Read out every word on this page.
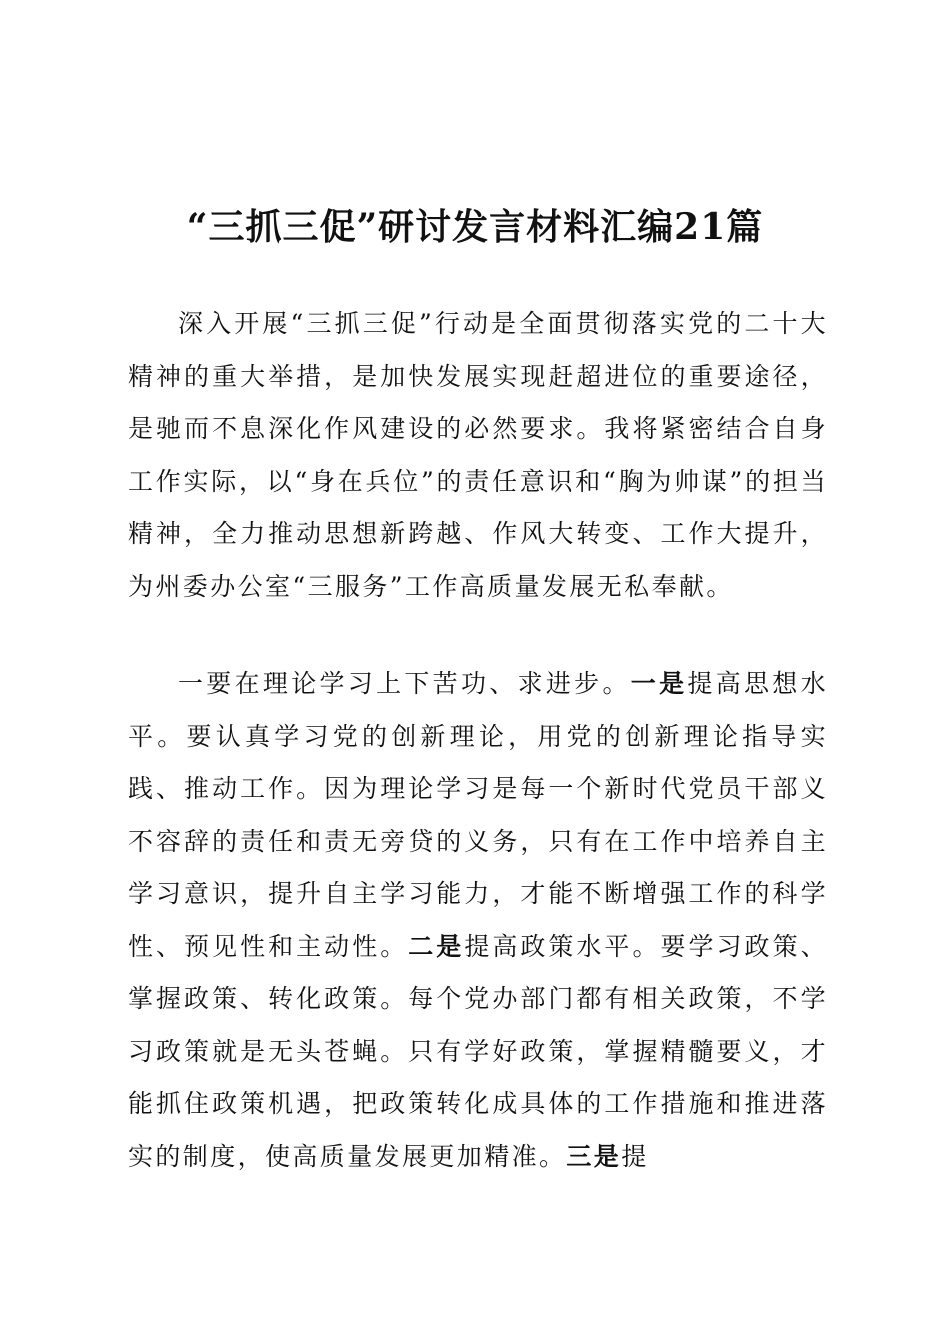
“三抓三促”研讨发言材料汇编21篇

深入开展“三抓三促”行动是全面贯彻落实党的二十大精神的重大举措，是加快发展实现赶超进位的重要途径，是驰而不息深化作风建设的必然要求。我将紧密结合自身工作实际，以“身在兵位”的责任意识和“胸为帅谋”的担当精神，全力推动思想新跨越、作风大转变、工作大提升，为州委办公室“三服务”工作高质量发展无私奉献。

一要在理论学习上下苦功、求进步。一是提高思想水平。要认真学习党的创新理论，用党的创新理论指导实践、推动工作。因为理论学习是每一个新时代党员干部义不容辞的责任和责无旁贷的义务，只有在工作中培养自主学习意识，提升自主学习能力，才能不断增强工作的科学性、预见性和主动性。二是提高政策水平。要学习政策、掌握政策、转化政策。每个党办部门都有相关政策，不学习政策就是无头苍蝇。只有学好政策，掌握精髓要义，才能抓住政策机遇，把政策转化成具体的工作措施和推进落实的制度，使高质量发展更加精准。三是提
